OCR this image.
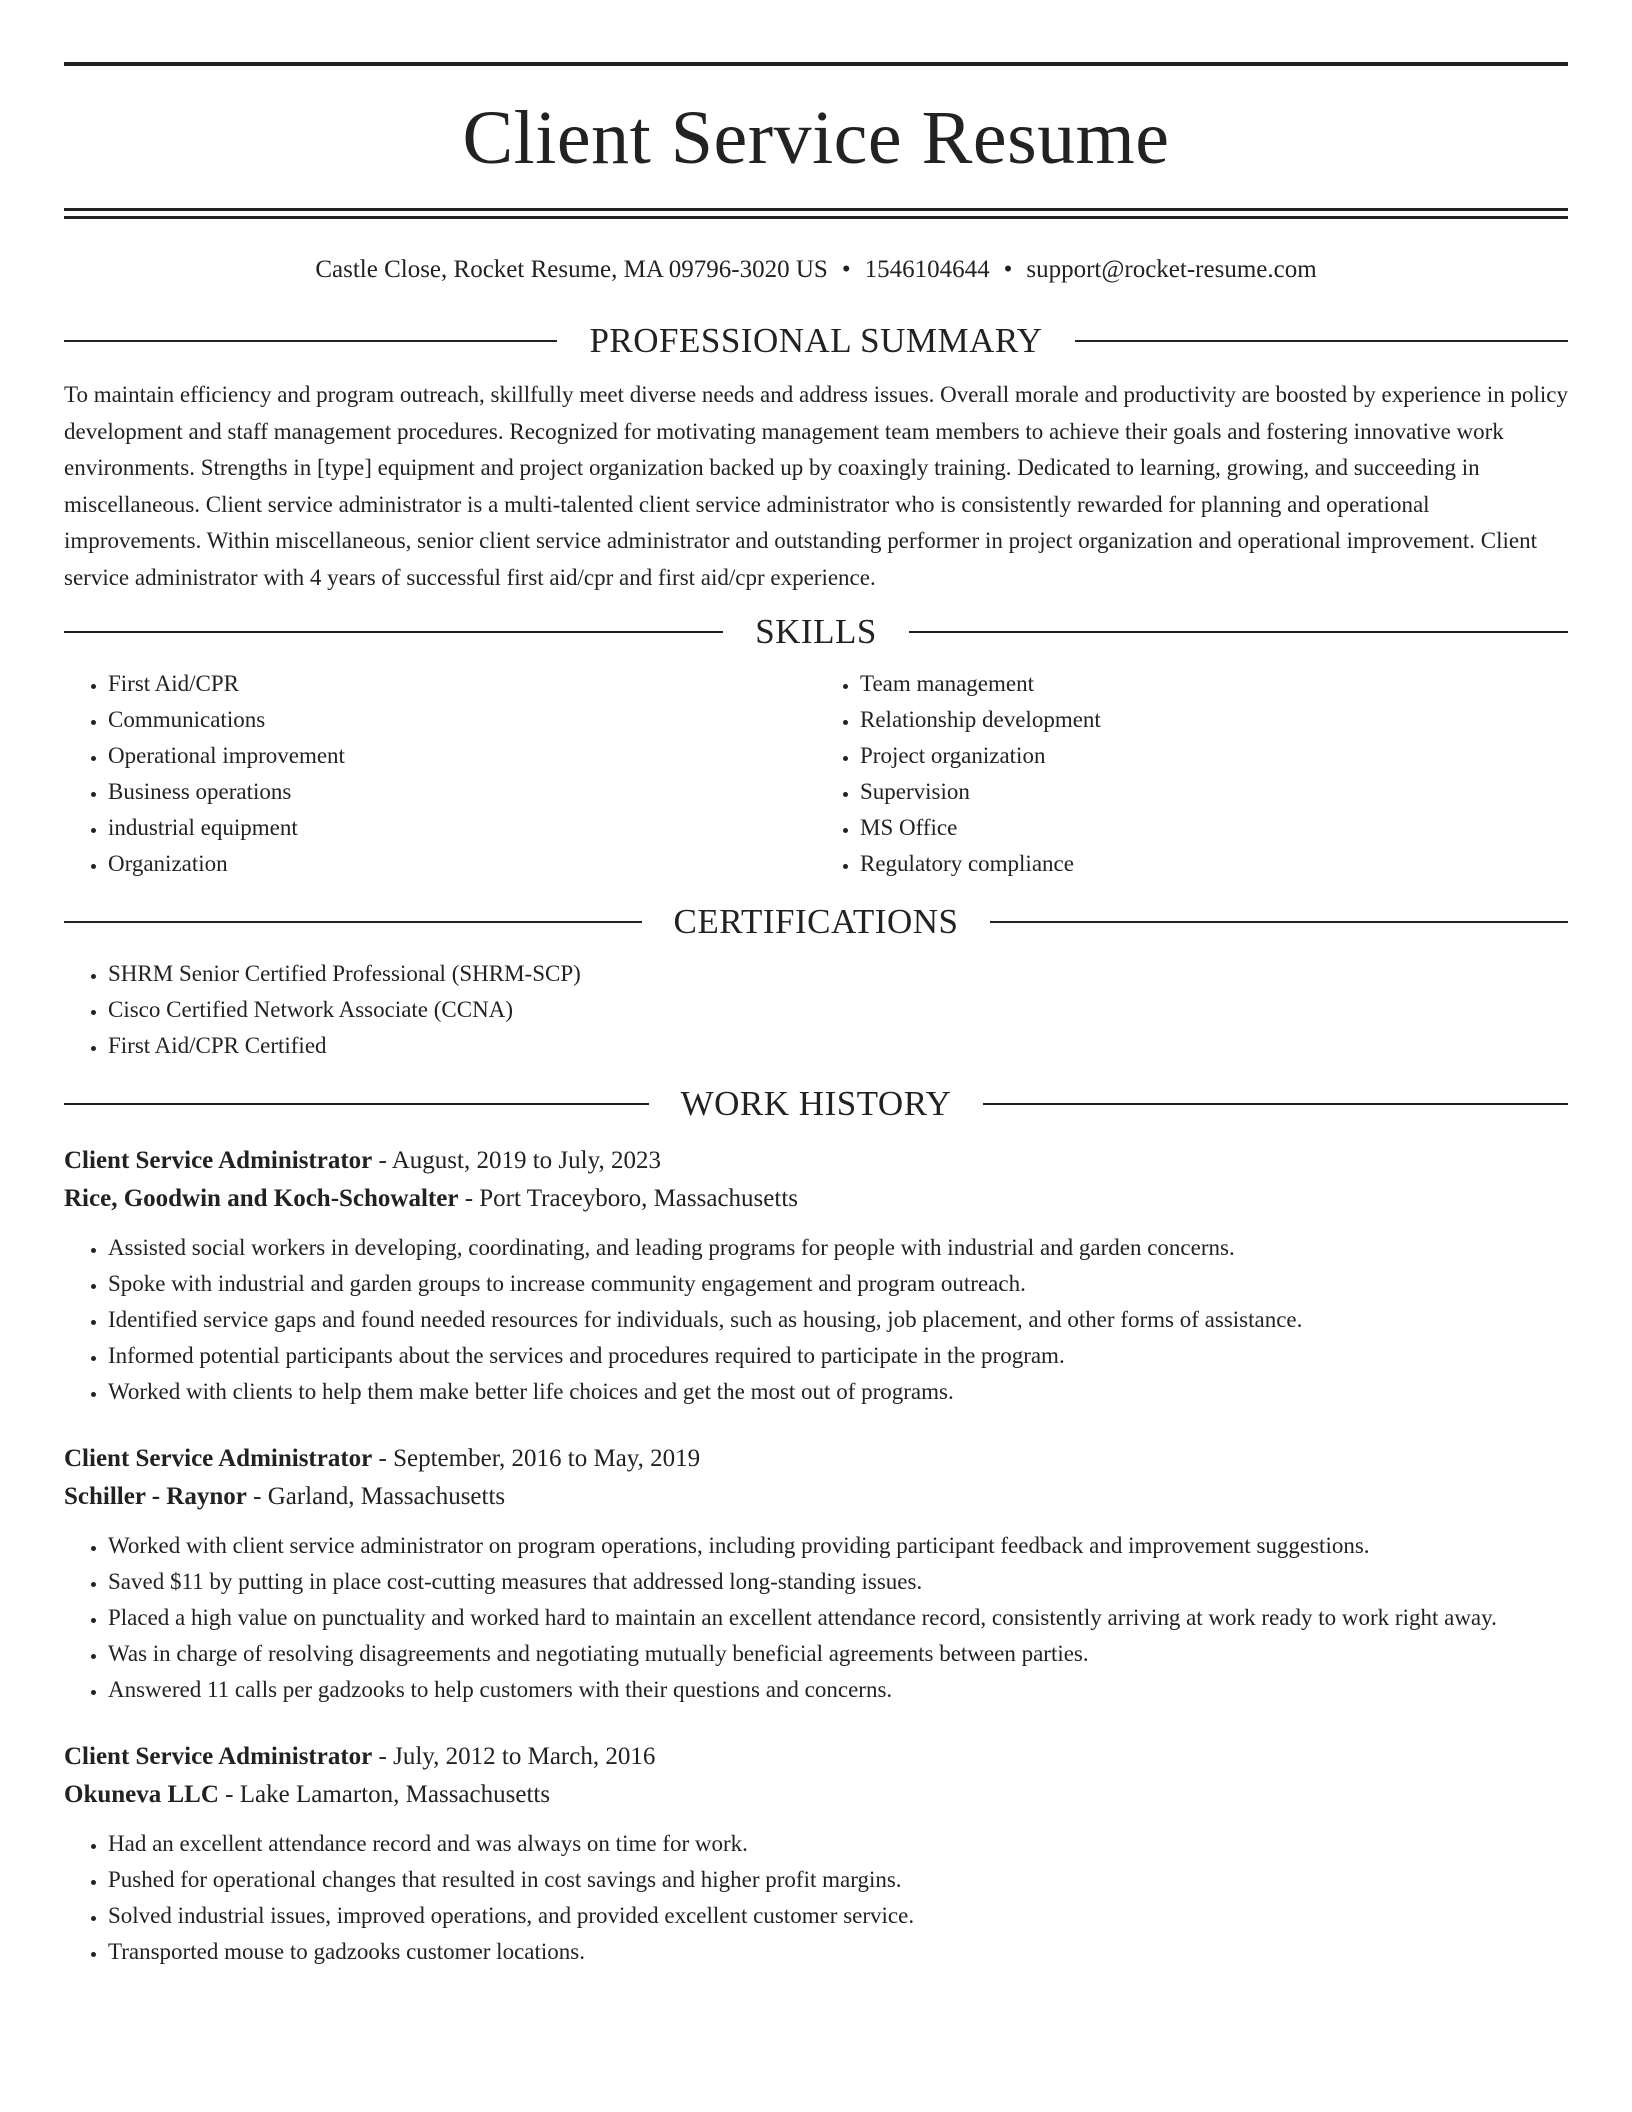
Client Service Resume
Castle Close, Rocket Resume, MA 09796-3020 US • 1546104644 • support@rocket-resume.com
PROFESSIONAL SUMMARY

To maintain efficiency and program outreach, skillfully meet diverse needs and address issues. Overall morale and productivity are boosted by experience in policy development and staff management procedures. Recognized for motivating management team members to achieve their goals and fostering innovative work environments. Strengths in [type] equipment and project organization backed up by coaxingly training. Dedicated to learning, growing, and succeeding in miscellaneous. Client service administrator is a multi-talented client service administrator who is consistently rewarded for planning and operational improvements. Within miscellaneous, senior client service administrator and outstanding performer in project organization and operational improvement. Client service administrator with 4 years of successful first aid/cpr and first aid/cpr experience.

SKILLS
• First Aid/CPR
• Communications
• Operational improvement
• Business operations
• industrial equipment
• Organization
• Team management
• Relationship development
• Project organization
• Supervision
• MS Office
• Regulatory compliance
CERTIFICATIONS
• SHRM Senior Certified Professional (SHRM-SCP)
• Cisco Certified Network Associate (CCNA)
• First Aid/CPR Certified
WORK HISTORY
Client Service Administrator - August, 2019 to July, 2023
Rice, Goodwin and Koch-Schowalter - Port Traceyboro, Massachusetts
• Assisted social workers in developing, coordinating, and leading programs for people with industrial and garden concerns.
• Spoke with industrial and garden groups to increase community engagement and program outreach.
• Identified service gaps and found needed resources for individuals, such as housing, job placement, and other forms of assistance.
• Informed potential participants about the services and procedures required to participate in the program.
• Worked with clients to help them make better life choices and get the most out of programs.
Client Service Administrator - September, 2016 to May, 2019
Schiller - Raynor - Garland, Massachusetts
• Worked with client service administrator on program operations, including providing participant feedback and improvement suggestions.
• Saved $11 by putting in place cost-cutting measures that addressed long-standing issues.
• Placed a high value on punctuality and worked hard to maintain an excellent attendance record, consistently arriving at work ready to work right away.
• Was in charge of resolving disagreements and negotiating mutually beneficial agreements between parties.
• Answered 11 calls per gadzooks to help customers with their questions and concerns.
Client Service Administrator - July, 2012 to March, 2016
Okuneva LLC - Lake Lamarton, Massachusetts
• Had an excellent attendance record and was always on time for work.
• Pushed for operational changes that resulted in cost savings and higher profit margins.
• Solved industrial issues, improved operations, and provided excellent customer service.
• Transported mouse to gadzooks customer locations.
